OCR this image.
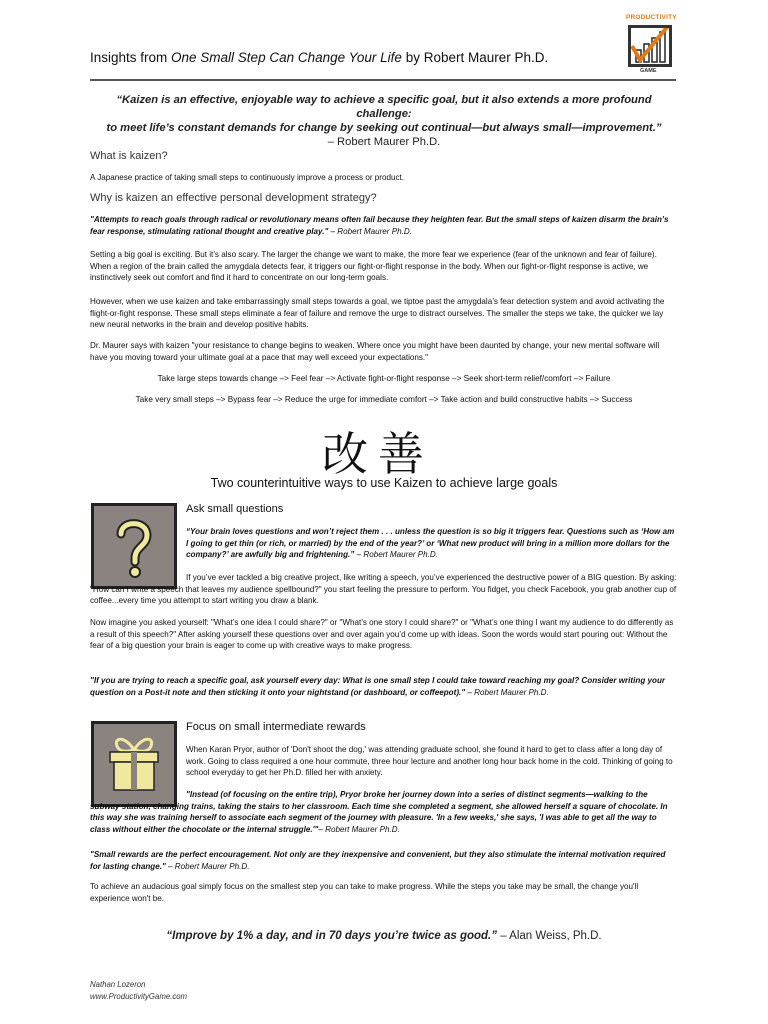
Insights from One Small Step Can Change Your Life by Robert Maurer Ph.D.
PRODUCTIVITY
GAME
“Kaizen is an effective, enjoyable way to achieve a specific goal, but it also extends a more profound challenge:
to meet life’s constant demands for change by seeking out continual—but always small—improvement.”
– Robert Maurer Ph.D.
What is kaizen?
A Japanese practice of taking small steps to continuously improve a process or product.
Why is kaizen an effective personal development strategy?
"Attempts to reach goals through radical or revolutionary means often fail because they heighten fear. But the small steps of kaizen disarm the brain’s fear response, stimulating rational thought and creative play." – Robert Maurer Ph.D.
Setting a big goal is exciting. But it’s also scary. The larger the change we want to make, the more fear we experience (fear of the unknown and fear of failure). When a region of the brain called the amygdala detects fear, it triggers our fight-or-flight response in the body. When our fight-or-flight response is active, we instinctively seek out comfort and find it hard to concentrate on our long-term goals.
However, when we use kaizen and take embarrassingly small steps towards a goal, we tiptoe past the amygdala’s fear detection system and avoid activating the flight-or-fight response. These small steps eliminate a fear of failure and remove the urge to distract ourselves. The smaller the steps we take, the quicker we lay new neural networks in the brain and develop positive habits.
Dr. Maurer says with kaizen "your resistance to change begins to weaken. Where once you might have been daunted by change, your new mental software will have you moving toward your ultimate goal at a pace that may well exceed your expectations."
Take large steps towards change –> Feel fear –> Activate fight-or-flight response –> Seek short-term relief/comfort –> Failure
Take very small steps –> Bypass fear –> Reduce the urge for immediate comfort –> Take action and build constructive habits –> Success
改善
Two counterintuitive ways to use Kaizen to achieve large goals
Ask small questions
“Your brain loves questions and won’t reject them . . . unless the question is so big it triggers fear. Questions such as ‘How am I going to get thin (or rich, or married) by the end of the year?’ or ‘What new product will bring in a million more dollars for the company?’ are awfully big and frightening.” – Robert Maurer Ph.D.
If you’ve ever tackled a big creative project, like writing a speech, you’ve experienced the destructive power of a BIG question. By asking: "How can I write a speech that leaves my audience spellbound?" you start feeling the pressure to perform. You fidget, you check Facebook, you grab another cup of coffee...every time you attempt to start writing you draw a blank.
Now imagine you asked yourself: "What’s one idea I could share?" or "What’s one story I could share?" or "What’s one thing I want my audience to do differently as a result of this speech?" After asking yourself these questions over and over again you’d come up with ideas. Soon the words would start pouring out: Without the fear of a big question your brain is eager to come up with creative ways to make progress.
"If you are trying to reach a specific goal, ask yourself every day: What is one small step I could take toward reaching my goal? Consider writing your question on a Post-it note and then sticking it onto your nightstand (or dashboard, or coffeepot)." – Robert Maurer Ph.D.
Focus on small intermediate rewards
When Karan Pryor, author of 'Don't shoot the dog,' was attending graduate school, she found it hard to get to class after a long day of work. Going to class required a one hour commute, three hour lecture and another long hour back home in the cold. Thinking of going to school everyday to get her Ph.D. filled her with anxiety.
"Instead (of focusing on the entire trip), Pryor broke her journey down into a series of distinct segments—walking to the subway station, changing trains, taking the stairs to her classroom. Each time she completed a segment, she allowed herself a square of chocolate. In this way she was training herself to associate each segment of the journey with pleasure. 'In a few weeks,' she says, 'I was able to get all the way to class without either the chocolate or the internal struggle.'"– Robert Maurer Ph.D.
"Small rewards are the perfect encouragement. Not only are they inexpensive and convenient, but they also stimulate the internal motivation required for lasting change." – Robert Maurer Ph.D.
To achieve an audacious goal simply focus on the smallest step you can take to make progress. While the steps you take may be small, the change you'll experience won't be.
“Improve by 1% a day, and in 70 days you’re twice as good.” – Alan Weiss, Ph.D.
Nathan Lozeron
www.ProductivityGame.com
